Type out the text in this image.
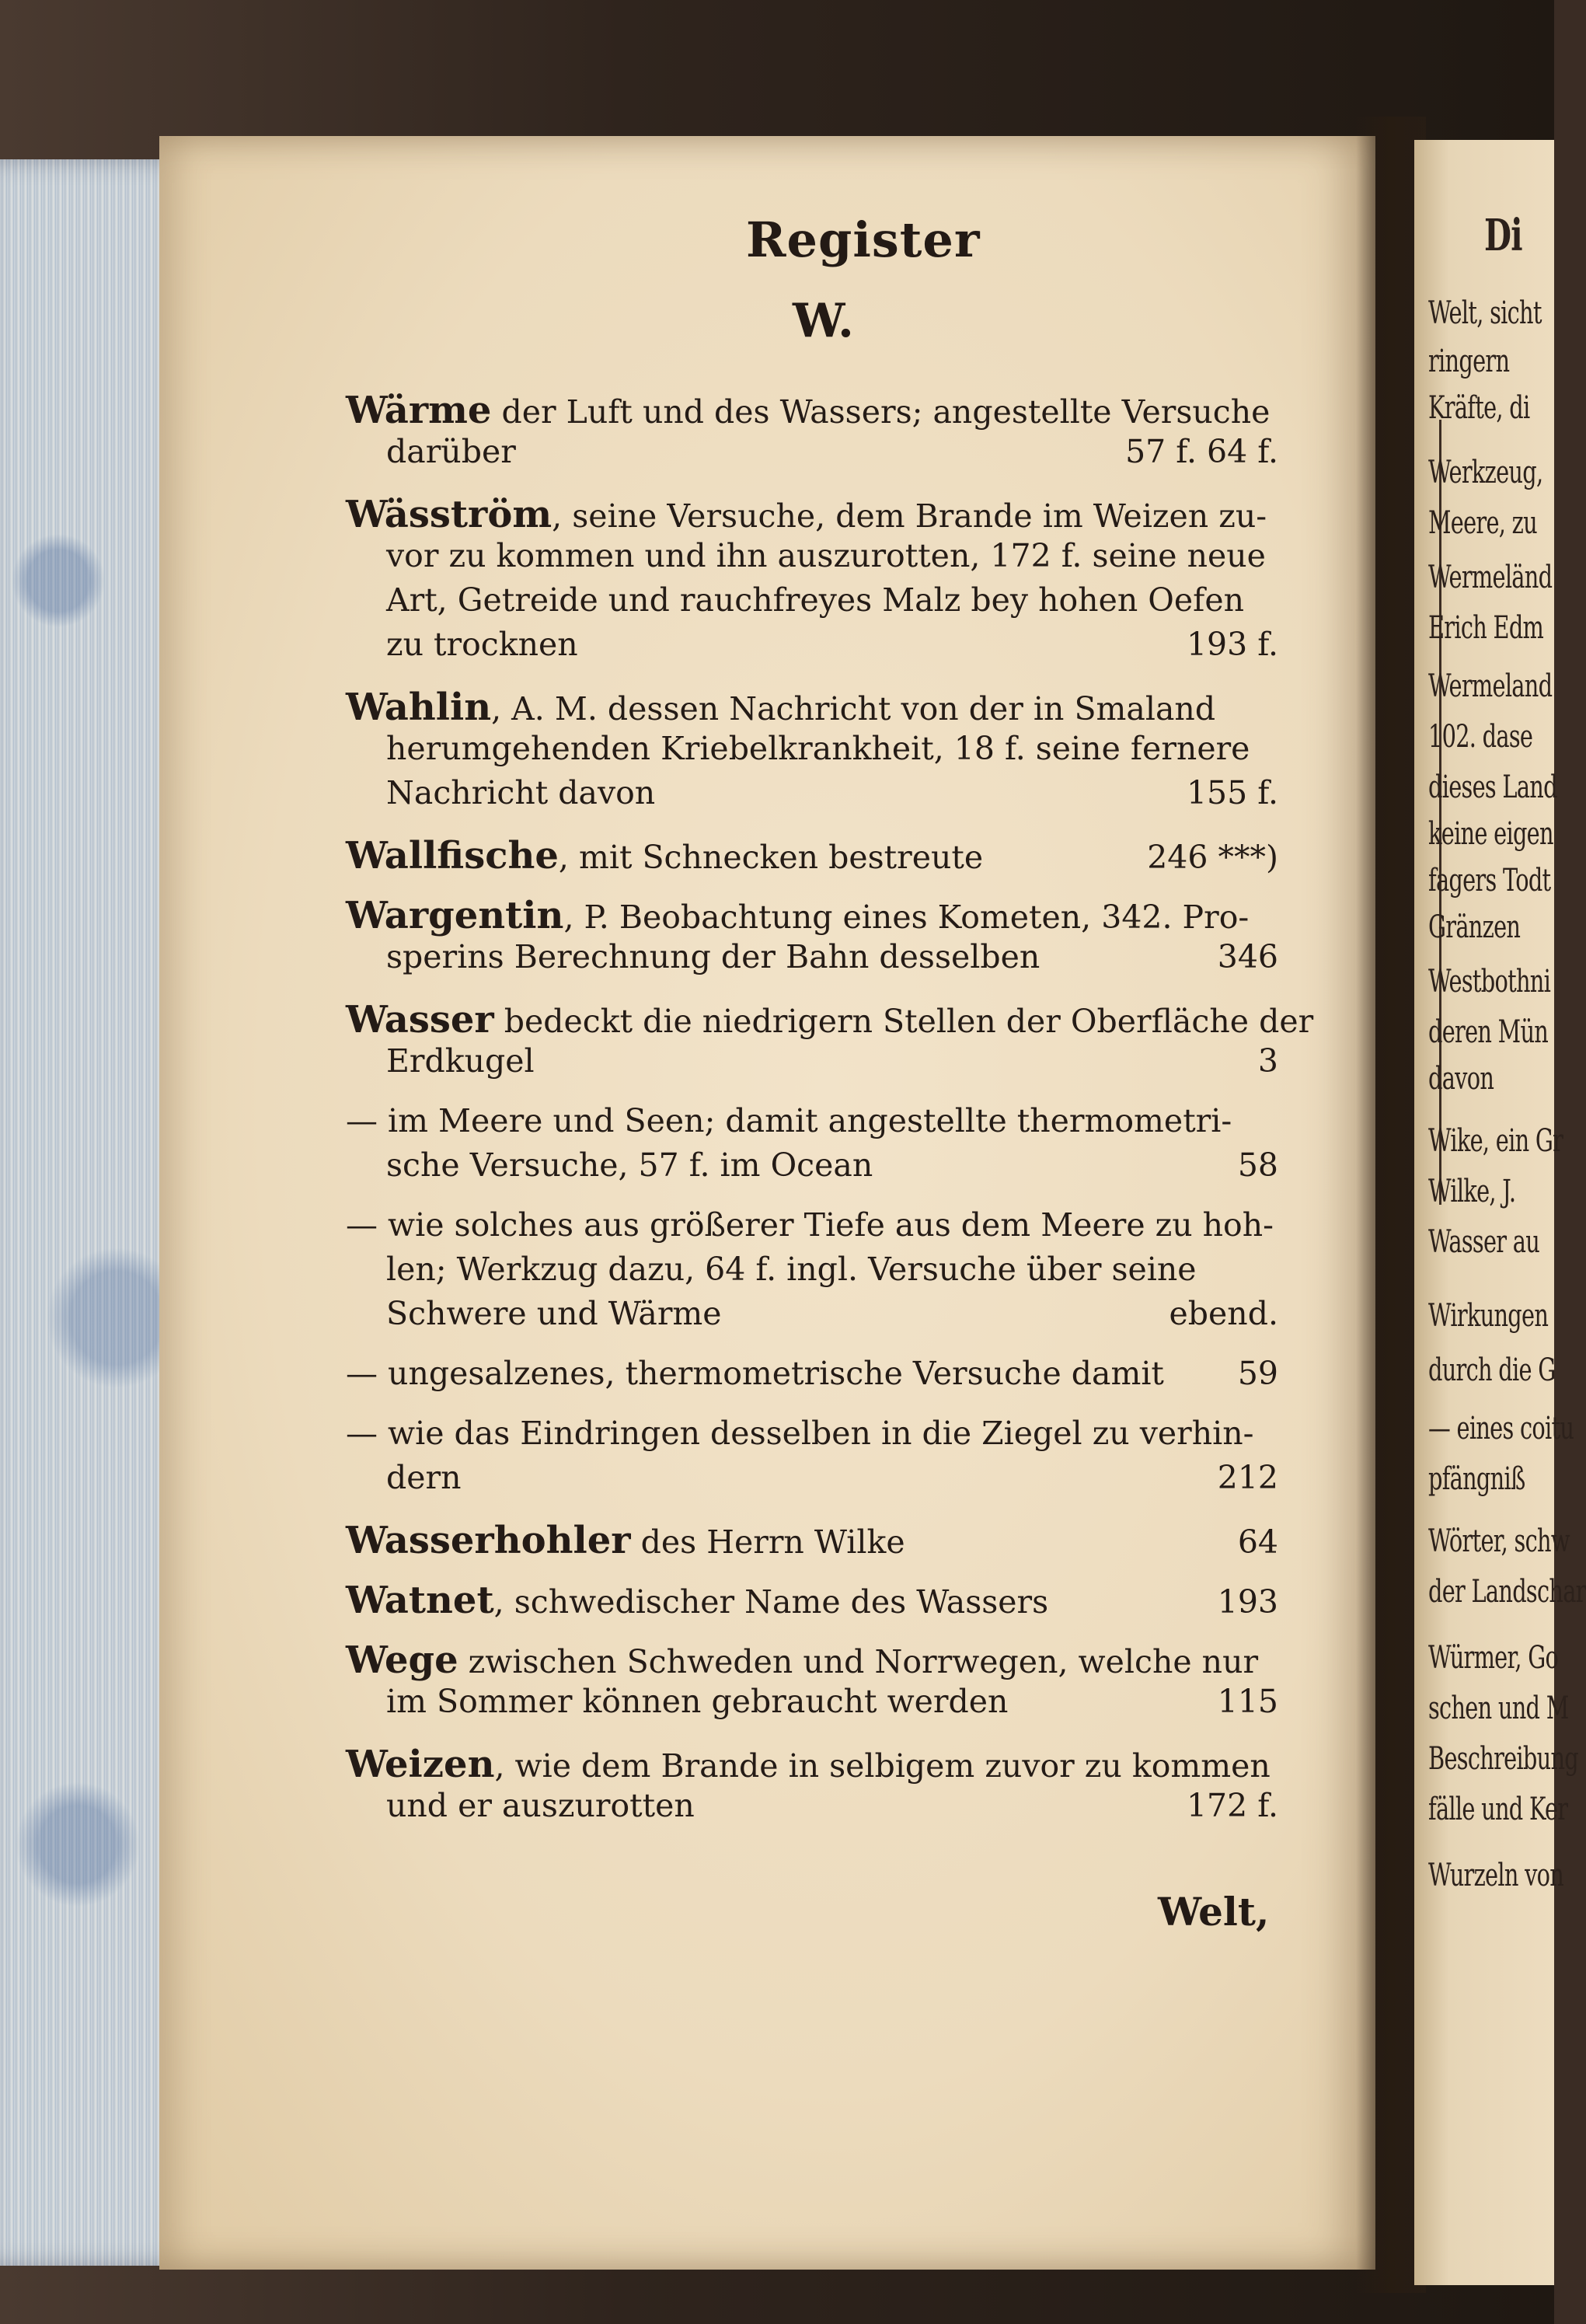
Register
W.
Wärme der Luft und des Wassers; angestellte Versuche
darüber	57 f. 64 f.
Wäsström, seine Versuche, dem Brande im Weizen zu-
vor zu kommen und ihn auszurotten, 172 f. seine neue
Art, Getreide und rauchfreyes Malz bey hohen Oefen
zu trocknen	193 f.
Wahlin, A. M. dessen Nachricht von der in Smaland
herumgehenden Kriebelkrankheit, 18 f. seine fernere
Nachricht davon	155 f.
Wallfische, mit Schnecken bestreute	246 ***)
Wargentin, P. Beobachtung eines Kometen, 342. Pro-
sperins Berechnung der Bahn desselben	346
Wasser bedeckt die niedrigern Stellen der Oberfläche der
Erdkugel	3
— im Meere und Seen; damit angestellte thermometri-
sche Versuche, 57 f. im Ocean	58
— wie solches aus größerer Tiefe aus dem Meere zu hoh-
len; Werkzug dazu, 64 f. ingl. Versuche über seine
Schwere und Wärme	ebend.
— ungesalzenes, thermometrische Versuche damit	59
— wie das Eindringen desselben in die Ziegel zu verhin-
dern	212
Wasserhohler des Herrn Wilke	64
Watnet, schwedischer Name des Wassers	193
Wege zwischen Schweden und Norrwegen, welche nur
im Sommer können gebraucht werden	115
Weizen, wie dem Brande in selbigem zuvor zu kommen
und er auszurotten	172 f.
Welt,
Di
Welt, sicht
ringern
Kräfte, di
Werkzeug,
Meere, zu
Wermeländ
Erich Edm
Wermeland
102. dase
dieses Land
keine eigen
fagers Todt
Gränzen
Westbothni
deren Mün
davon
Wike, ein Gr
Wilke, J.
Wasser au
Wirkungen
durch die G
— eines coitu
pfängniß
Wörter, schw
der Landschar
Würmer, Go
schen und M
Beschreibung
fälle und Ker
Wurzeln von
